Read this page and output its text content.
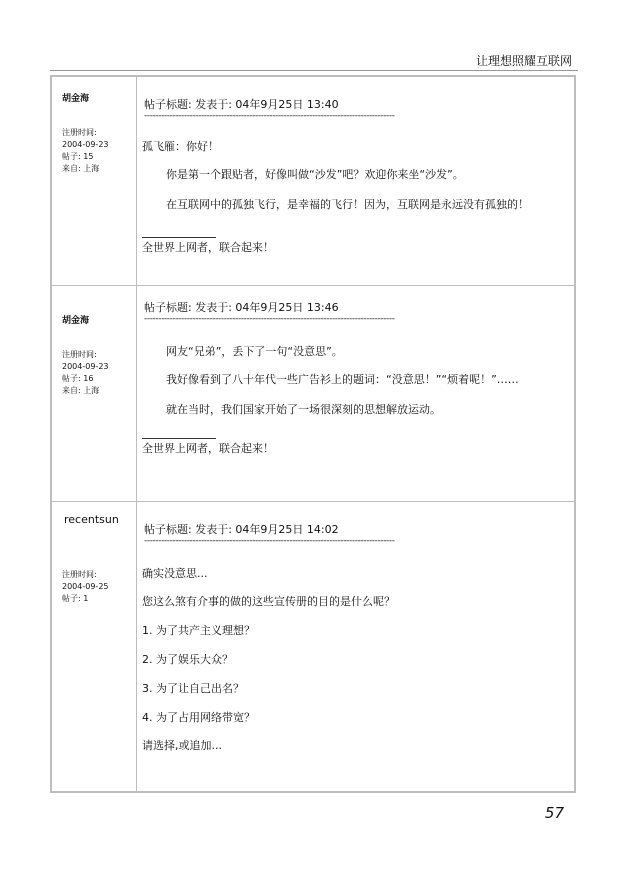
让理想照耀互联网
胡金海
注册时间:
2004-09-23
帖子: 15
来自: 上海
帖子标题: 发表于: 04年9月25日 13:40
----------------------------------------------------------------------------------------
孤飞雁：你好！
你是第一个跟贴者，好像叫做“沙发”吧？欢迎你来坐“沙发”。
在互联网中的孤独飞行，是幸福的飞行！因为，互联网是永远没有孤独的！
全世界上网者，联合起来！
胡金海
注册时间:
2004-09-23
帖子: 16
来自: 上海
帖子标题: 发表于: 04年9月25日 13:46
----------------------------------------------------------------------------------------
网友“兄弟”，丢下了一句“没意思”。
我好像看到了八十年代一些广告衫上的题词：“没意思！”“烦着呢！”……
就在当时，我们国家开始了一场很深刻的思想解放运动。
全世界上网者，联合起来！
recentsun
注册时间:
2004-09-25
帖子: 1
帖子标题: 发表于: 04年9月25日 14:02
----------------------------------------------------------------------------------------
确实没意思...
您这么煞有介事的做的这些宣传册的目的是什么呢？
1. 为了共产主义理想？
2. 为了娱乐大众？
3. 为了让自己出名？
4. 为了占用网络带宽？
请选择,或追加...
57
